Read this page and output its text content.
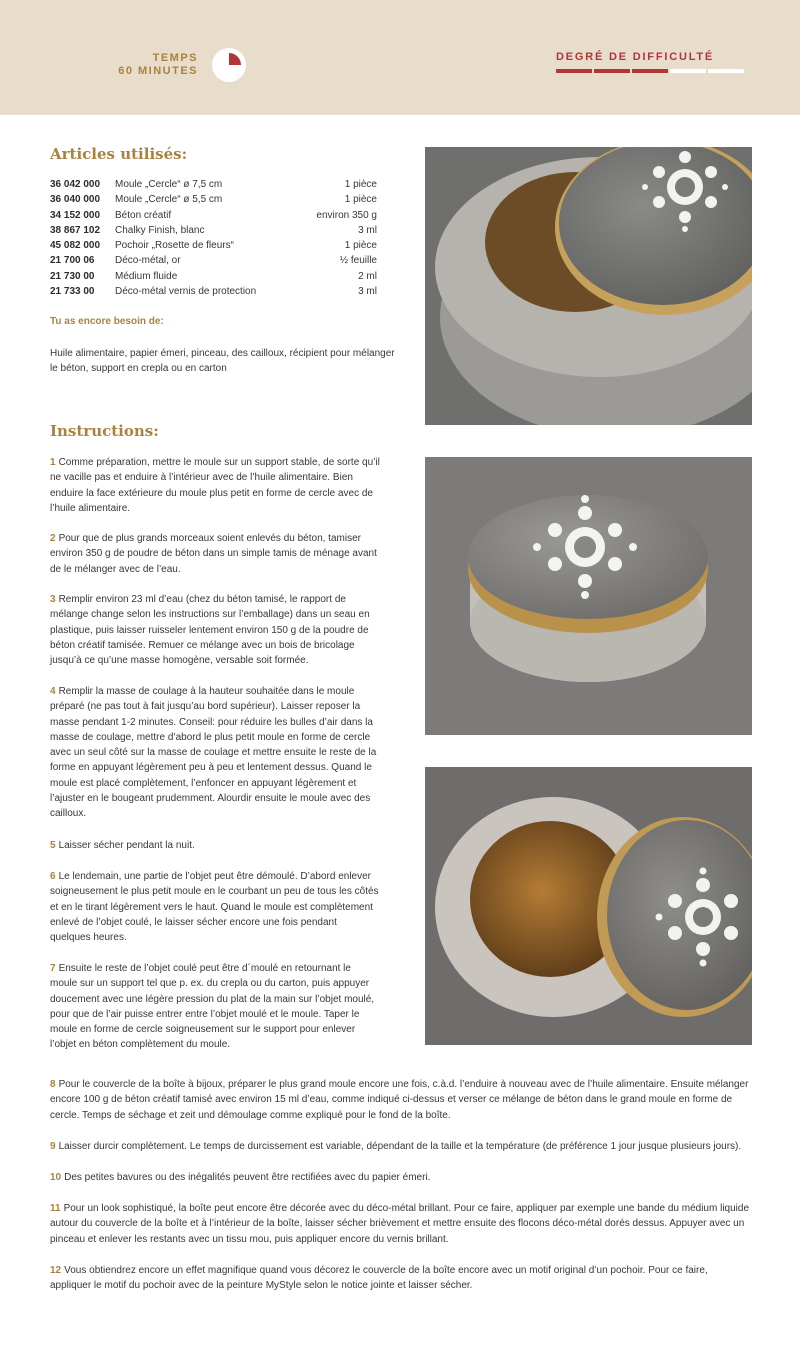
TEMPS
60 MINUTES
DEGRÉ DE DIFFICULTÉ
Articles utilisés:
36 042 000	Moule „Cercle“ ø 7,5 cm	1 pièce
36 040 000	Moule „Cercle“ ø 5,5 cm	1 pièce
34 152 000	Béton créatif	environ 350 g
38 867 102	Chalky Finish, blanc	3 ml
45 082 000	Pochoir „Rosette de fleurs“	1 pièce
21 700 06	Déco-métal, or	½ feuille
21 730 00	Médium fluide	2 ml
21 733 00	Déco-métal vernis de protection	3 ml
Tu as encore besoin de:
Huile alimentaire, papier émeri, pinceau, des cailloux, récipient pour mélanger le béton, support en crepla ou en carton
Instructions:
1 Comme préparation, mettre le moule sur un support stable, de sorte qu’il ne vacille pas et enduire à l’intérieur avec de l’huile alimentaire. Bien enduire la face extérieure du moule plus petit en forme de cercle avec de l’huile alimentaire.
2 Pour que de plus grands morceaux soient enlevés du béton, tamiser environ 350 g de poudre de béton dans un simple tamis de ménage avant de le mélanger avec de l’eau.
3 Remplir environ 23 ml d’eau (chez du béton tamisé, le rapport de mélange change selon les instructions sur l’emballage) dans un seau en plastique, puis laisser ruisseler lentement environ 150 g de la poudre de béton créatif tamisée. Remuer ce mélange avec un bois de bricolage jusqu’à ce qu’une masse homogène, versable soit formée.
4 Remplir la masse de coulage à la hauteur souhaitée dans le moule préparé (ne pas tout à fait jusqu’au bord supérieur). Laisser reposer la masse pendant 1-2 minutes. Conseil: pour réduire les bulles d’air dans la masse de coulage, mettre d’abord le plus petit moule en forme de cercle avec un seul côté sur la masse de coulage et mettre ensuite le reste de la forme en appuyant légèrement peu à peu et lentement dessus. Quand le moule est placé complètement, l’enfoncer en appuyant légèrement et l’ajuster en le bougeant prudemment. Alourdir ensuite le moule avec des cailloux.
5 Laisser sécher pendant la nuit.
6 Le lendemain, une partie de l’objet peut être démoulé. D’abord enlever soigneusement le plus petit moule en le courbant un peu de tous les côtés et en le tirant légèrement vers le haut. Quand le moule est complètement enlevé de l’objet coulé, le laisser sécher encore une fois pendant quelques heures.
7 Ensuite le reste de l’objet coulé peut être d´moulé en retournant le moule sur un support tel que p. ex. du crepla ou du carton, puis appuyer doucement avec une légère pression du plat de la main sur l’objet moulé, pour que de l’air puisse entrer entre l’objet moulé et le moule. Taper le moule en forme de cercle soigneusement sur le support pour enlever l’objet en béton complètement du moule.
8 Pour le couvercle de la boîte à bijoux, préparer le plus grand moule encore une fois, c.à.d. l’enduire à nouveau avec de l’huile alimentaire. Ensuite mélanger encore 100 g de béton créatif tamisé avec environ 15 ml d’eau, comme indiqué ci-dessus et verser ce mélange de béton dans le grand moule en forme de cercle. Temps de séchage et zeit und démoulage comme expliqué pour le fond de la boîte.
9 Laisser durcir complètement. Le temps de durcissement est variable, dépendant de la taille et la température (de préférence 1 jour jusque plusieurs jours).
10 Des petites bavures ou des inégalités peuvent être rectifiées avec du papier émeri.
11 Pour un look sophistiqué, la boîte peut encore être décorée avec du déco-métal brillant. Pour ce faire, appliquer par exemple une bande du médium liquide autour du couvercle de la boîte et à l’intérieur de la boîte, laisser sécher brièvement et mettre ensuite des flocons déco-métal dorés dessus. Appuyer avec un pinceau et enlever les restants avec un tissu mou, puis appliquer encore du vernis brillant.
12 Vous obtiendrez encore un effet magnifique quand vous décorez le couvercle de la boîte encore avec un motif original d’un pochoir. Pour ce faire, appliquer le motif du pochoir avec de la peinture MyStyle selon le notice jointe et laisser sécher.
